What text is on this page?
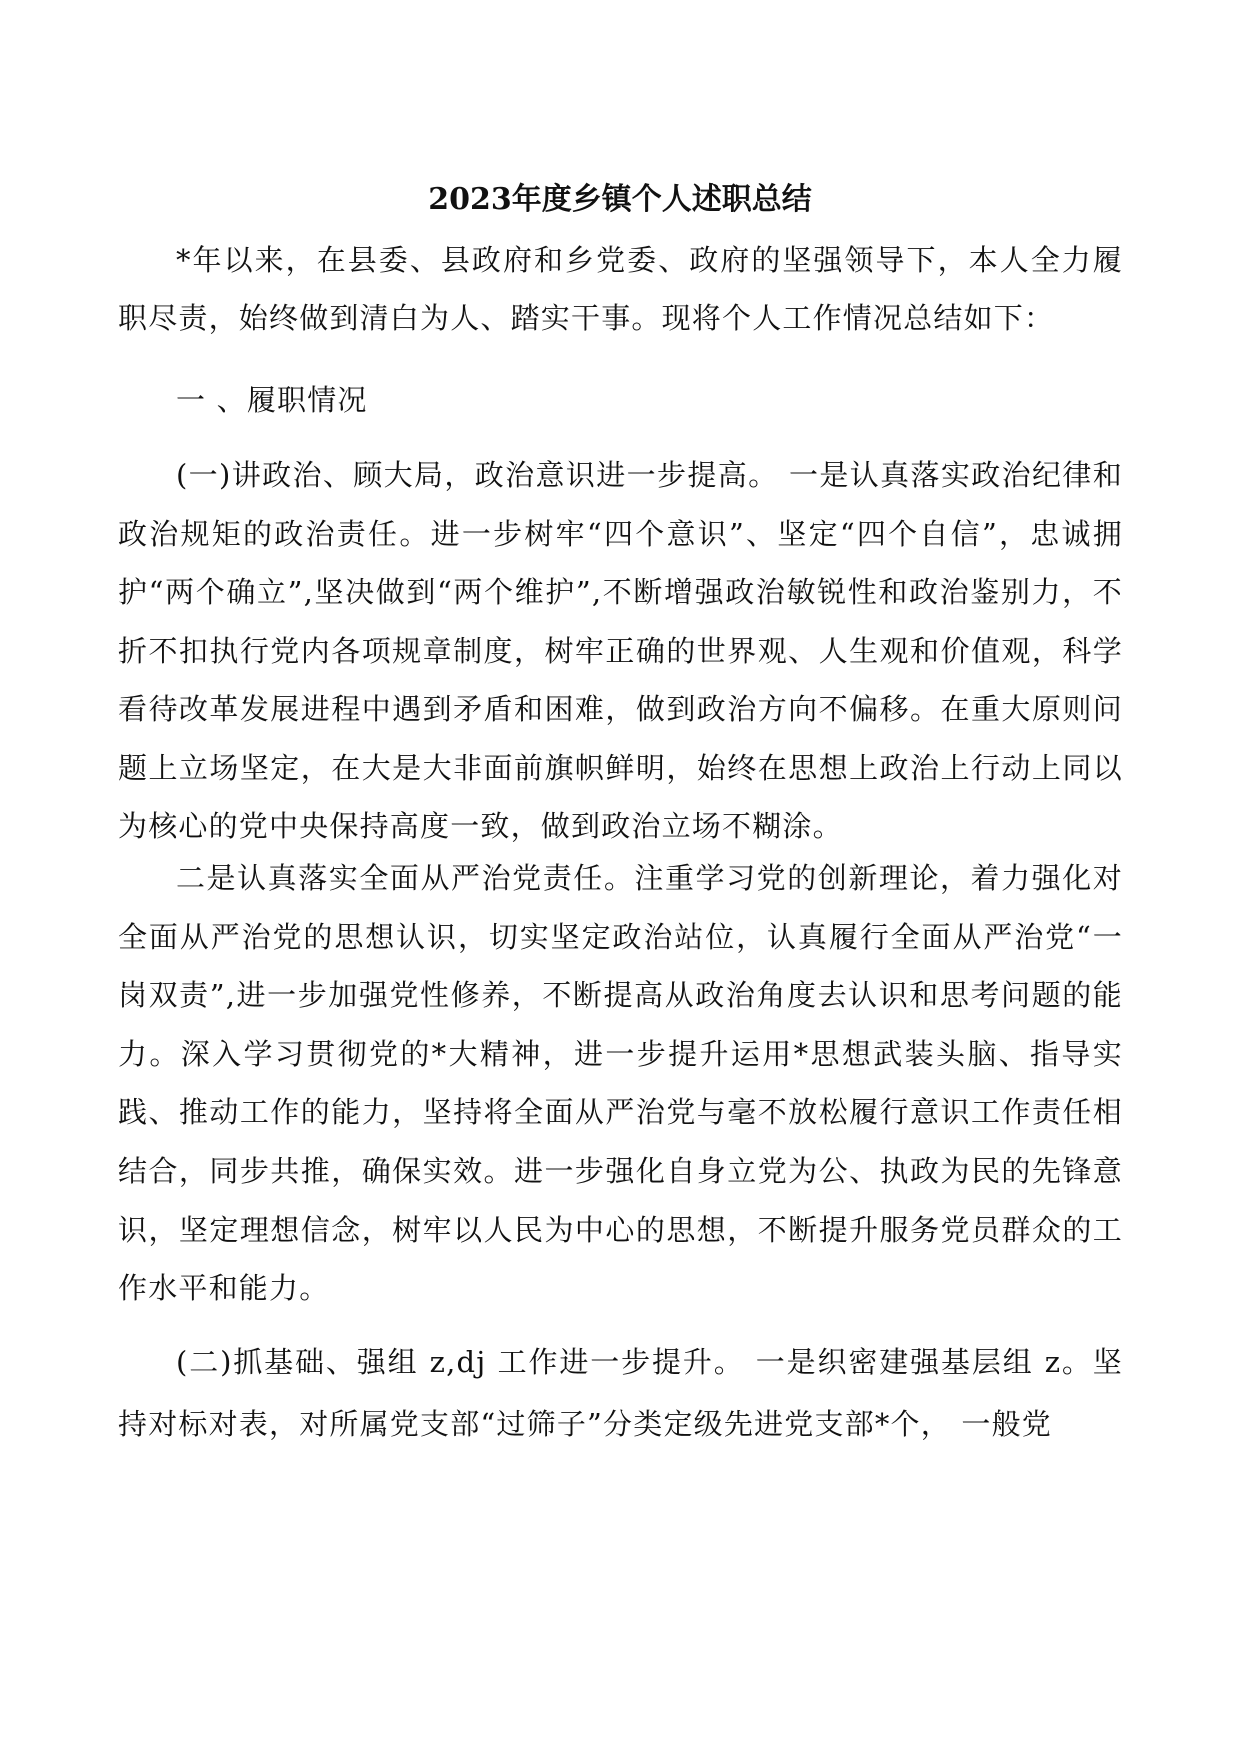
2023年度乡镇个人述职总结

*年以来，在县委、县政府和乡党委、政府的坚强领导下，本人全力履职尽责，始终做到清白为人、踏实干事。现将个人工作情况总结如下：

一 、履职情况

(一)讲政治、顾大局，政治意识进一步提高。 一是认真落实政治纪律和政治规矩的政治责任。进一步树牢“四个意识”、坚定“四个自信”，忠诚拥护“两个确立”,坚决做到“两个维护”,不断增强政治敏锐性和政治鉴别力，不折不扣执行党内各项规章制度，树牢正确的世界观、人生观和价值观，科学看待改革发展进程中遇到矛盾和困难，做到政治方向不偏移。在重大原则问题上立场坚定，在大是大非面前旗帜鲜明，始终在思想上政治上行动上同以为核心的党中央保持高度一致，做到政治立场不糊涂。

二是认真落实全面从严治党责任。注重学习党的创新理论，着力强化对全面从严治党的思想认识，切实坚定政治站位，认真履行全面从严治党“一岗双责”,进一步加强党性修养，不断提高从政治角度去认识和思考问题的能力。深入学习贯彻党的*大精神，进一步提升运用*思想武装头脑、指导实践、推动工作的能力，坚持将全面从严治党与毫不放松履行意识工作责任相结合，同步共推，确保实效。进一步强化自身立党为公、执政为民的先锋意识，坚定理想信念，树牢以人民为中心的思想，不断提升服务党员群众的工作水平和能力。

(二)抓基础、强组 z,dj 工作进一步提升。 一是织密建强基层组 z。坚持对标对表，对所属党支部“过筛子”分类定级先进党支部*个， 一般党
